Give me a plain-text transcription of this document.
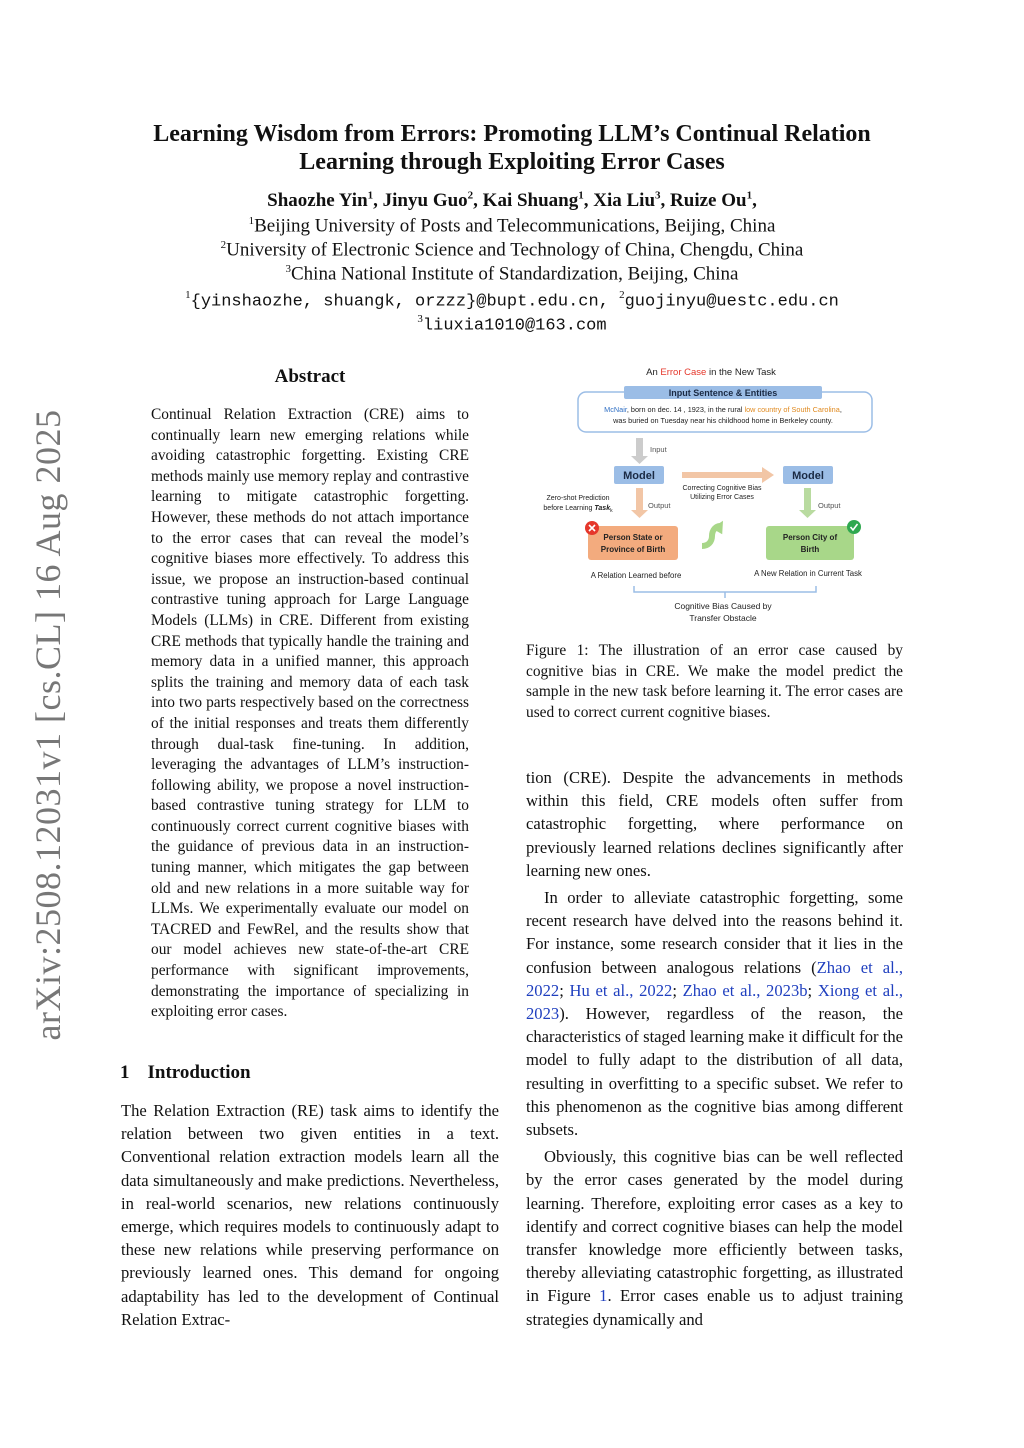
arXiv:2508.12031v1 [cs.CL] 16 Aug 2025
Learning Wisdom from Errors: Promoting LLM’s Continual Relation
Learning through Exploiting Error Cases
Shaozhe Yin$^1$, Jinyu Guo$^2$, Kai Shuang$^1$, Xia Liu$^3$, Ruize Ou$^1$,
$^1$Beijing University of Posts and Telecommunications, Beijing, China
$^2$University of Electronic Science and Technology of China, Chengdu, China
$^3$China National Institute of Standardization, Beijing, China
$^1${yinshaozhe, shuangk, orzzz}@bupt.edu.cn, $^2$guojinyu@uestc.edu.cn
$^3$liuxia1010@163.com
Abstract
Continual Relation Extraction (CRE) aims to continually learn new emerging relations while avoiding catastrophic forgetting. Existing CRE methods mainly use memory replay and contrastive learning to mitigate catastrophic forgetting. However, these methods do not attach importance to the error cases that can reveal the model’s cognitive biases more effectively. To address this issue, we propose an instruction-based continual contrastive tuning approach for Large Language Models (LLMs) in CRE. Different from existing CRE methods that typically handle the training and memory data in a unified manner, this approach splits the training and memory data of each task into two parts respectively based on the correctness of the initial responses and treats them differently through dual-task fine-tuning. In addition, leveraging the advantages of LLM’s instruction-following ability, we propose a novel instruction-based contrastive tuning strategy for LLM to continuously correct current cognitive biases with the guidance of previous data in an instruction-tuning manner, which mitigates the gap between old and new relations in a more suitable way for LLMs. We experimentally evaluate our model on TACRED and FewRel, and the results show that our model achieves new state-of-the-art CRE performance with significant improvements, demonstrating the importance of specializing in exploiting error cases.
1 Introduction
The Relation Extraction (RE) task aims to identify the relation between two given entities in a text. Conventional relation extraction models learn all the data simultaneously and make predictions. Nevertheless, in real-world scenarios, new relations continuously emerge, which requires models to continuously adapt to these new relations while preserving performance on previously learned ones. This demand for ongoing adaptability has led to the development of Continual Relation Extrac-
An Error Case in the New Task
Input Sentence & Entities
McNair, born on dec. 14 , 1923, in the rural low country of South Carolina,
was buried on Tuesday near his childhood home in Berkeley county.
Input
Model	Model
Correcting Cognitive Bias
Utilizing Error Cases
Output	Output
Zero-shot Prediction
before Learning Task$_k$
Person State or
Province of Birth
Person City of
Birth
A Relation Learned before	A New Relation in Current Task
Cognitive Bias Caused by
Transfer Obstacle
Figure 1: The illustration of an error case caused by cognitive bias in CRE. We make the model predict the sample in the new task before learning it. The error cases are used to correct current cognitive biases.
tion (CRE). Despite the advancements in methods within this field, CRE models often suffer from catastrophic forgetting, where performance on previously learned relations declines significantly after learning new ones.
In order to alleviate catastrophic forgetting, some recent research have delved into the reasons behind it. For instance, some research consider that it lies in the confusion between analogous relations (Zhao et al., 2022; Hu et al., 2022; Zhao et al., 2023b; Xiong et al., 2023). However, regardless of the reason, the characteristics of staged learning make it difficult for the model to fully adapt to the distribution of all data, resulting in overfitting to a specific subset. We refer to this phenomenon as the cognitive bias among different subsets.
Obviously, this cognitive bias can be well reflected by the error cases generated by the model during learning. Therefore, exploiting error cases as a key to identify and correct cognitive biases can help the model transfer knowledge more efficiently between tasks, thereby alleviating catastrophic forgetting, as illustrated in Figure 1. Error cases enable us to adjust training strategies dynamically and
